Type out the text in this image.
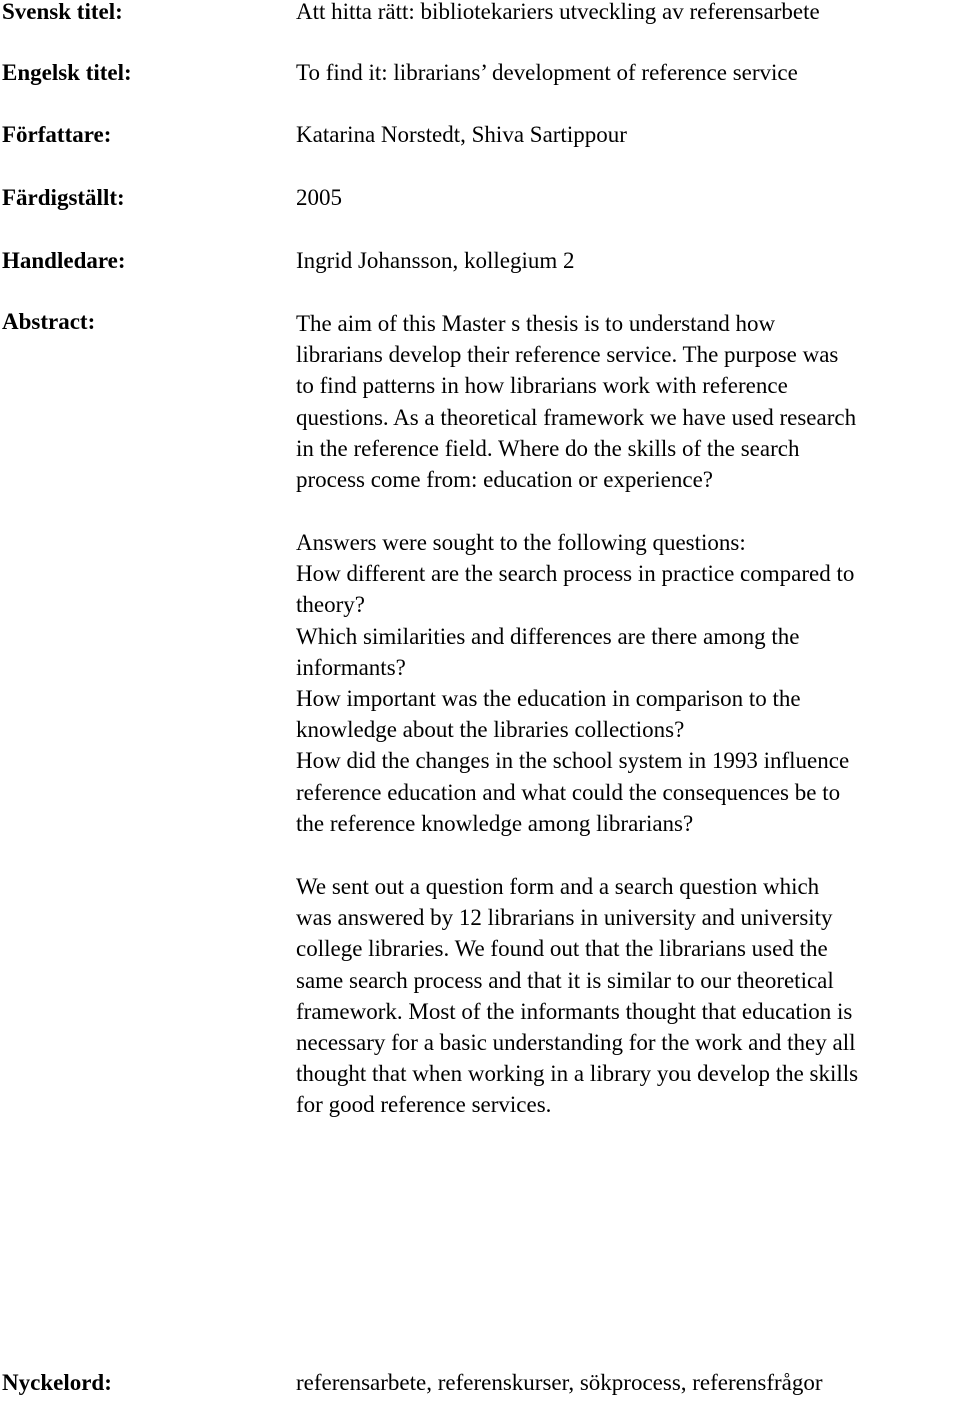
Svensk titel:	Att hitta rätt: bibliotekariers utveckling av referensarbete
Engelsk titel:	To find it: librarians’ development of reference service
Författare:	Katarina Norstedt, Shiva Sartippour
Färdigställt:	2005
Handledare:	Ingrid Johansson, kollegium 2
Abstract:	The aim of this Master s thesis is to understand how
librarians develop their reference service. The purpose was
to find patterns in how librarians work with reference
questions. As a theoretical framework we have used research
in the reference field. Where do the skills of the search
process come from: education or experience?
Answers were sought to the following questions:
How different are the search process in practice compared to
theory?
Which similarities and differences are there among the
informants?
How important was the education in comparison to the
knowledge about the libraries collections?
How did the changes in the school system in 1993 influence
reference education and what could the consequences be to
the reference knowledge among librarians?
We sent out a question form and a search question which
was answered by 12 librarians in university and university
college libraries. We found out that the librarians used the
same search process and that it is similar to our theoretical
framework. Most of the informants thought that education is
necessary for a basic understanding for the work and they all
thought that when working in a library you develop the skills
for good reference services.
Nyckelord:	referensarbete, referenskurser, sökprocess, referensfrågor
